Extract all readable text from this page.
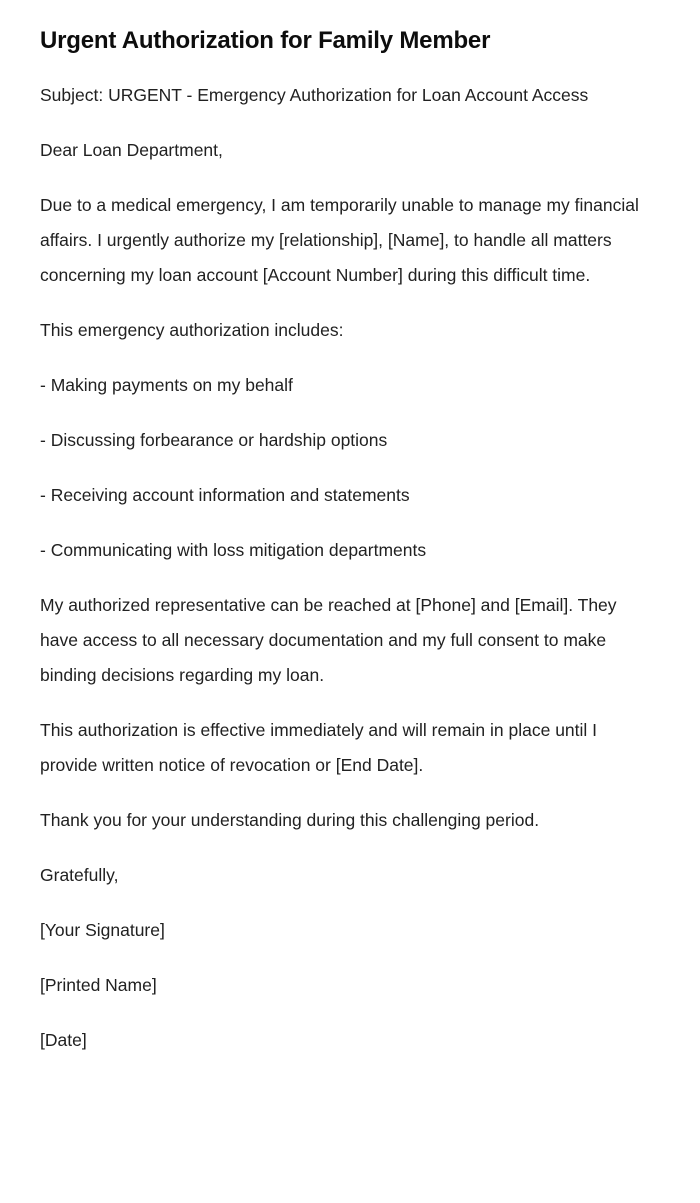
Urgent Authorization for Family Member

Subject: URGENT - Emergency Authorization for Loan Account Access

Dear Loan Department,

Due to a medical emergency, I am temporarily unable to manage my financial affairs. I urgently authorize my [relationship], [Name], to handle all matters concerning my loan account [Account Number] during this difficult time.

This emergency authorization includes:

- Making payments on my behalf

- Discussing forbearance or hardship options

- Receiving account information and statements

- Communicating with loss mitigation departments

My authorized representative can be reached at [Phone] and [Email]. They have access to all necessary documentation and my full consent to make binding decisions regarding my loan.

This authorization is effective immediately and will remain in place until I provide written notice of revocation or [End Date].

Thank you for your understanding during this challenging period.

Gratefully,

[Your Signature]

[Printed Name]

[Date]
